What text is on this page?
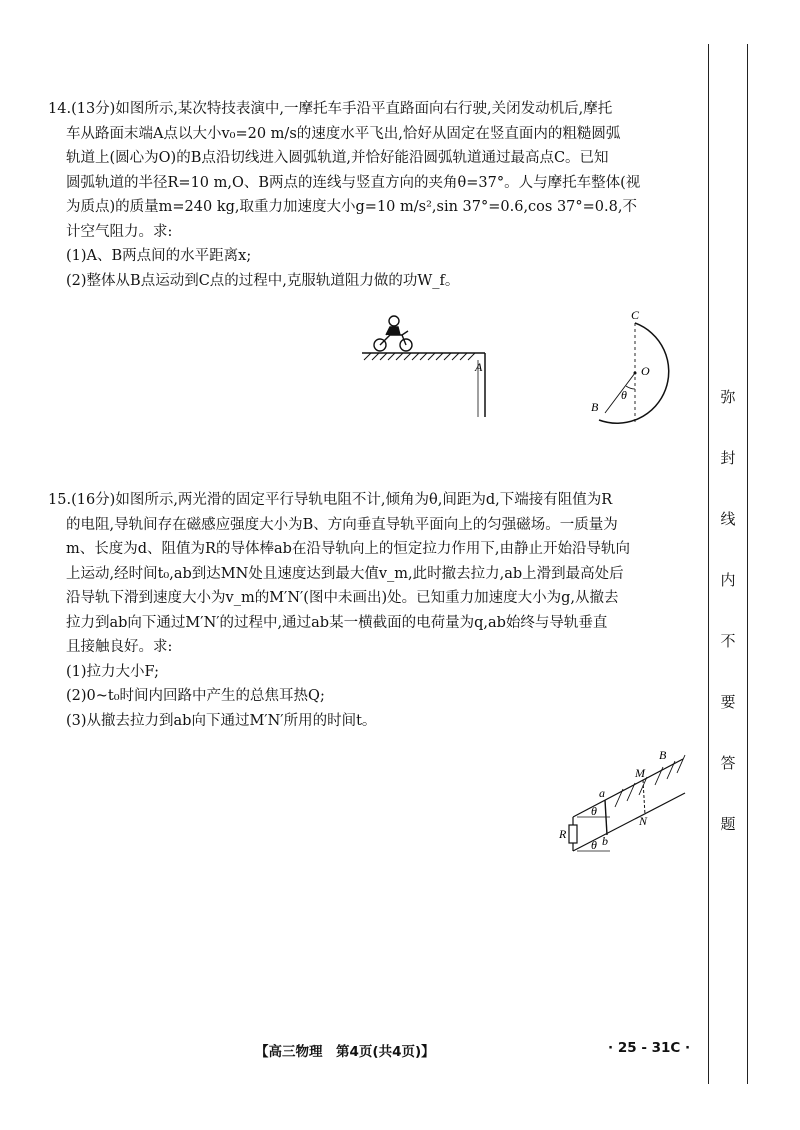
14.(13分)如图所示,某次特技表演中,一摩托车手沿平直路面向右行驶,关闭发动机后,摩托

车从路面末端A点以大小v₀=20 m/s的速度水平飞出,恰好从固定在竖直面内的粗糙圆弧

轨道上(圆心为O)的B点沿切线进入圆弧轨道,并恰好能沿圆弧轨道通过最高点C。已知

圆弧轨道的半径R=10 m,O、B两点的连线与竖直方向的夹角θ=37°。人与摩托车整体(视

为质点)的质量m=240 kg,取重力加速度大小g=10 m/s²,sin 37°=0.6,cos 37°=0.8,不

计空气阻力。求:

(1)A、B两点间的水平距离x;

(2)整体从B点运动到C点的过程中,克服轨道阻力做的功W_f。

A
C
O
θ
B

15.(16分)如图所示,两光滑的固定平行导轨电阻不计,倾角为θ,间距为d,下端接有阻值为R

的电阻,导轨间存在磁感应强度大小为B、方向垂直导轨平面向上的匀强磁场。一质量为

m、长度为d、阻值为R的导体棒ab在沿导轨向上的恒定拉力作用下,由静止开始沿导轨向

上运动,经时间t₀,ab到达MN处且速度达到最大值v_m,此时撤去拉力,ab上滑到最高处后

沿导轨下滑到速度大小为v_m的M′N′(图中未画出)处。已知重力加速度大小为g,从撤去

拉力到ab向下通过M′N′的过程中,通过ab某一横截面的电荷量为q,ab始终与导轨垂直

且接触良好。求:

(1)拉力大小F;

(2)0~t₀时间内回路中产生的总焦耳热Q;

(3)从撤去拉力到ab向下通过M′N′所用的时间t。

R
θ
θ
a
b
M
N
B
弥
封
线
内
不
要
答
题
【高三物理　第4页(共4页)】	· 25 - 31C ·
